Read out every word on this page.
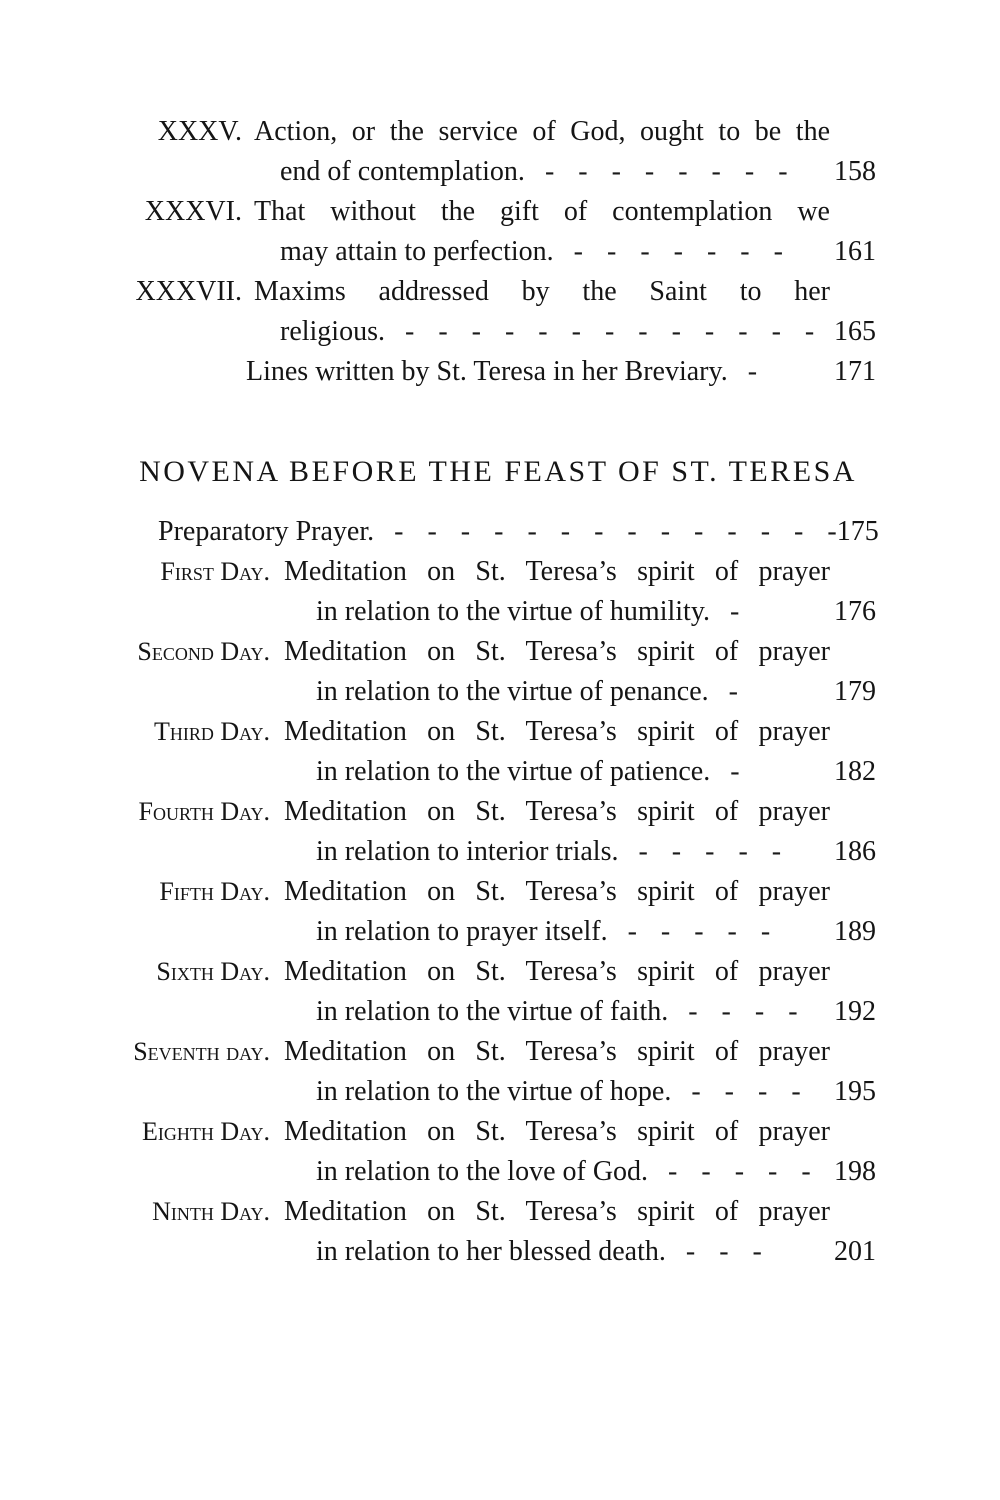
XXXV. Action, or the service of God, ought to be the
end of contemplation. - - - - - - - - 158
XXXVI. That without the gift of contemplation we
may attain to perfection. - - - - - - - 161
XXXVII. Maxims addressed by the Saint to her
religious. - - - - - - - - - - - - - 165
Lines written by St. Teresa in her Breviary. -	171
NOVENA BEFORE THE FEAST OF ST. TERESA
Preparatory Prayer. - - - - - - - - - - - - - - 175
First Day. Meditation on St. Teresa’s spirit of prayer
in relation to the virtue of humility. -	176
Second Day. Meditation on St. Teresa’s spirit of prayer
in relation to the virtue of penance. -	179
Third Day. Meditation on St. Teresa’s spirit of prayer
in relation to the virtue of patience. -	182
Fourth Day. Meditation on St. Teresa’s spirit of prayer
in relation to interior trials. - - - - - 186
Fifth Day. Meditation on St. Teresa’s spirit of prayer
in relation to prayer itself. - - - - - 189
Sixth Day. Meditation on St. Teresa’s spirit of prayer
in relation to the virtue of faith. - - - - 192
Seventh day. Meditation on St. Teresa’s spirit of prayer
in relation to the virtue of hope. - - - - 195
Eighth Day. Meditation on St. Teresa’s spirit of prayer
in relation to the love of God. - - - - - 198
Ninth Day. Meditation on St. Teresa’s spirit of prayer
in relation to her blessed death. - - -	201
